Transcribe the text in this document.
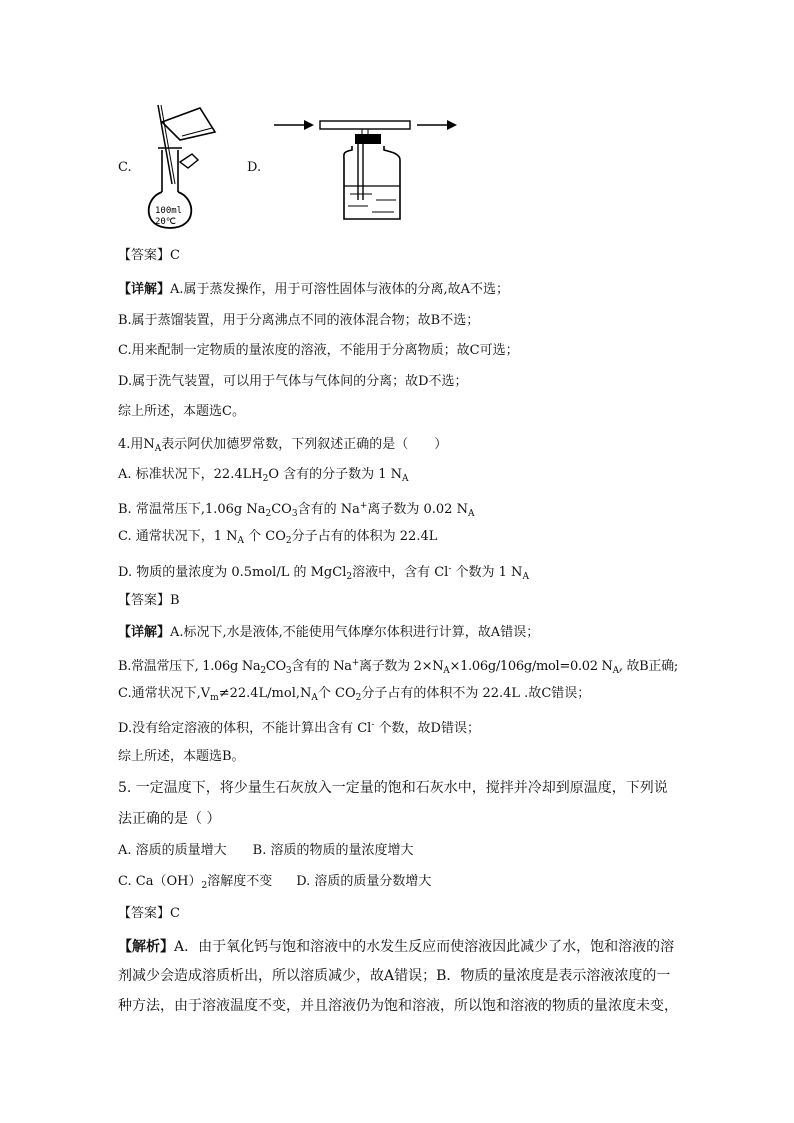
C.	D.
100ml
20℃
【答案】C
【详解】A.属于蒸发操作，用于可溶性固体与液体的分离,故A不选；
B.属于蒸馏装置，用于分离沸点不同的液体混合物；故B不选；
C.用来配制一定物质的量浓度的溶液，不能用于分离物质；故C可选；
D.属于洗气装置，可以用于气体与气体间的分离；故D不选；
综上所述，本题选C。
4.用$N_A$表示阿伏加德罗常数，下列叙述正确的是（　　）
A. 标准状况下，$22.4LH_2O$ 含有的分子数为 1 $N_A$
B. 常温常压下,1.06g $Na_2CO_3$含有的 Na+离子数为 0.02 $N_A$
C. 通常状况下，1 $N_A$ 个 $CO_2$分子占有的体积为 22.4L
D. 物质的量浓度为 0.5mol/L 的 MgCl$_2$溶液中，含有 Cl- 个数为 1 $N_A$
【答案】B
【详解】A.标况下,水是液体,不能使用气体摩尔体积进行计算，故A错误；
B.常温常压下, 1.06g $Na_2CO_3$含有的 Na+离子数为 $2\times N_A\times 1.06g/106g/mol=0.02$ $N_A$, 故B正确;
C.通常状况下$,V_m\ne 22.4L/mol,N_A$个 $CO_2$分子占有的体积不为 22.4L .故C错误；
D.没有给定溶液的体积，不能计算出含有 Cl- 个数，故D错误；
综上所述，本题选B。
5. 一定温度下，将少量生石灰放入一定量的饱和石灰水中，搅拌并冷却到原温度，下列说
法正确的是（ ）
A. 溶质的质量增大 B. 溶质的物质的量浓度增大
C. $Ca(OH)_2$溶解度不变 D. 溶质的质量分数增大
【答案】C
【解析】A．由于氧化钙与饱和溶液中的水发生反应而使溶液因此减少了水，饱和溶液的溶
剂减少会造成溶质析出，所以溶质减少，故A错误；B．物质的量浓度是表示溶液浓度的一
种方法，由于溶液温度不变，并且溶液仍为饱和溶液，所以饱和溶液的物质的量浓度未变，
